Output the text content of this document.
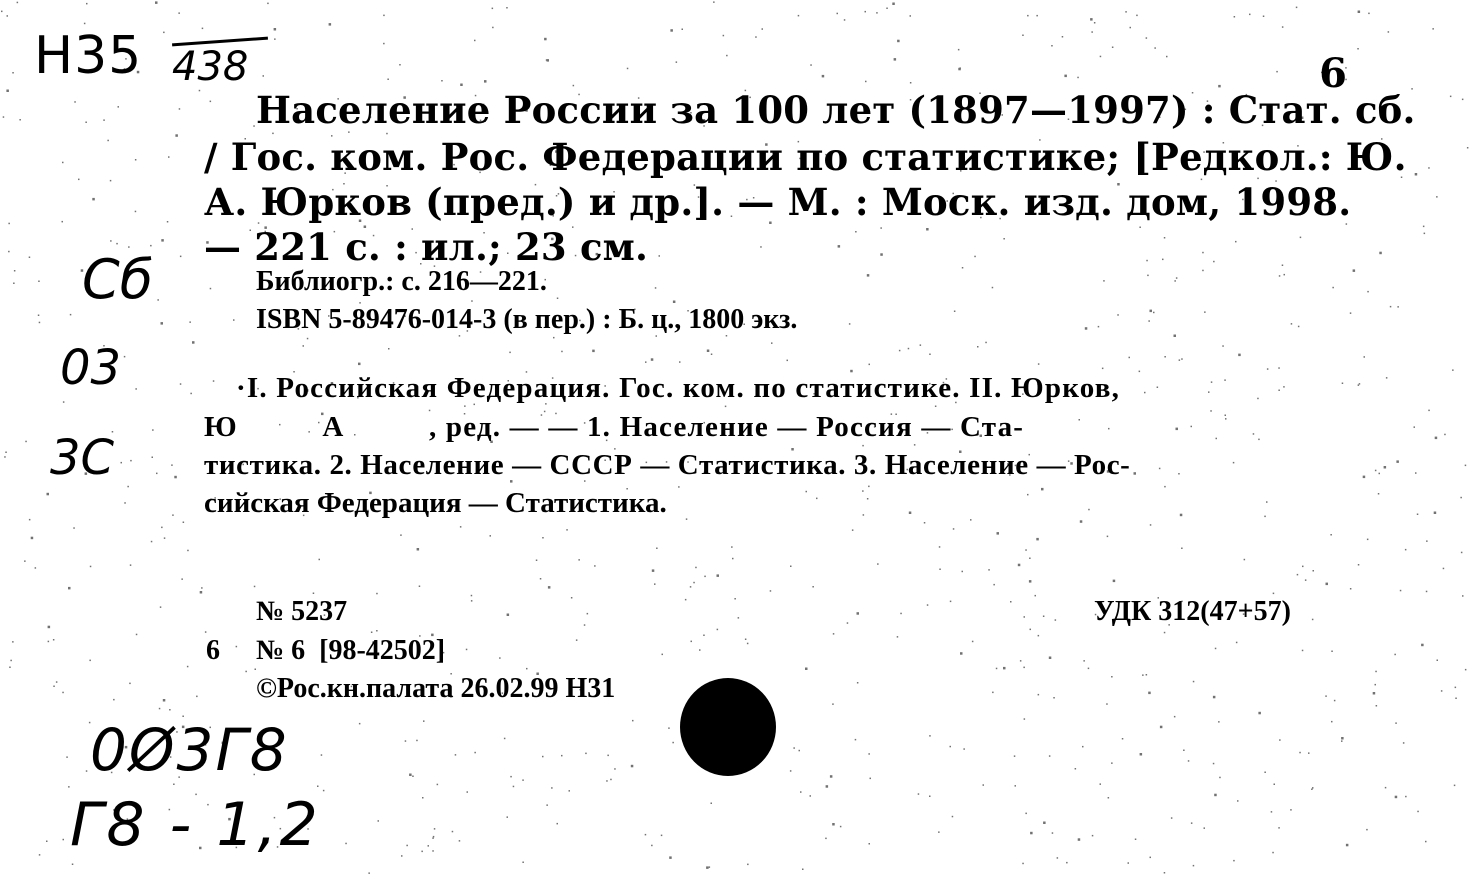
Н35 438	6
Население России за 100 лет (1897—1997) : Стат. сб.
/ Гос. ком. Рос. Федерации по статистике; [Редкол.: Ю.
А. Юрков (пред.) и др.]. — М. : Моск. изд. дом, 1998.
— 221 с. : ил.; 23 см.
Библиогр.: с. 216—221.
ISBN 5-89476-014-3 (в пер.) : Б. ц., 1800 экз.
·I. Российская Федерация. Гос. ком. по статистике. II. Юрков,
Ю          А          , ред. — — 1. Население — Россия — Ста-
тистика. 2. Население — СССР — Статистика. 3. Население — Рос-
сийская Федерация — Статистика.
Сб
03
3С
№ 5237	УДК 312(47+57)
6 № 6  [98-42502]
©Рос.кн.палата 26.02.99 Н31
0Ø3Г8
Г8 - 1,2
